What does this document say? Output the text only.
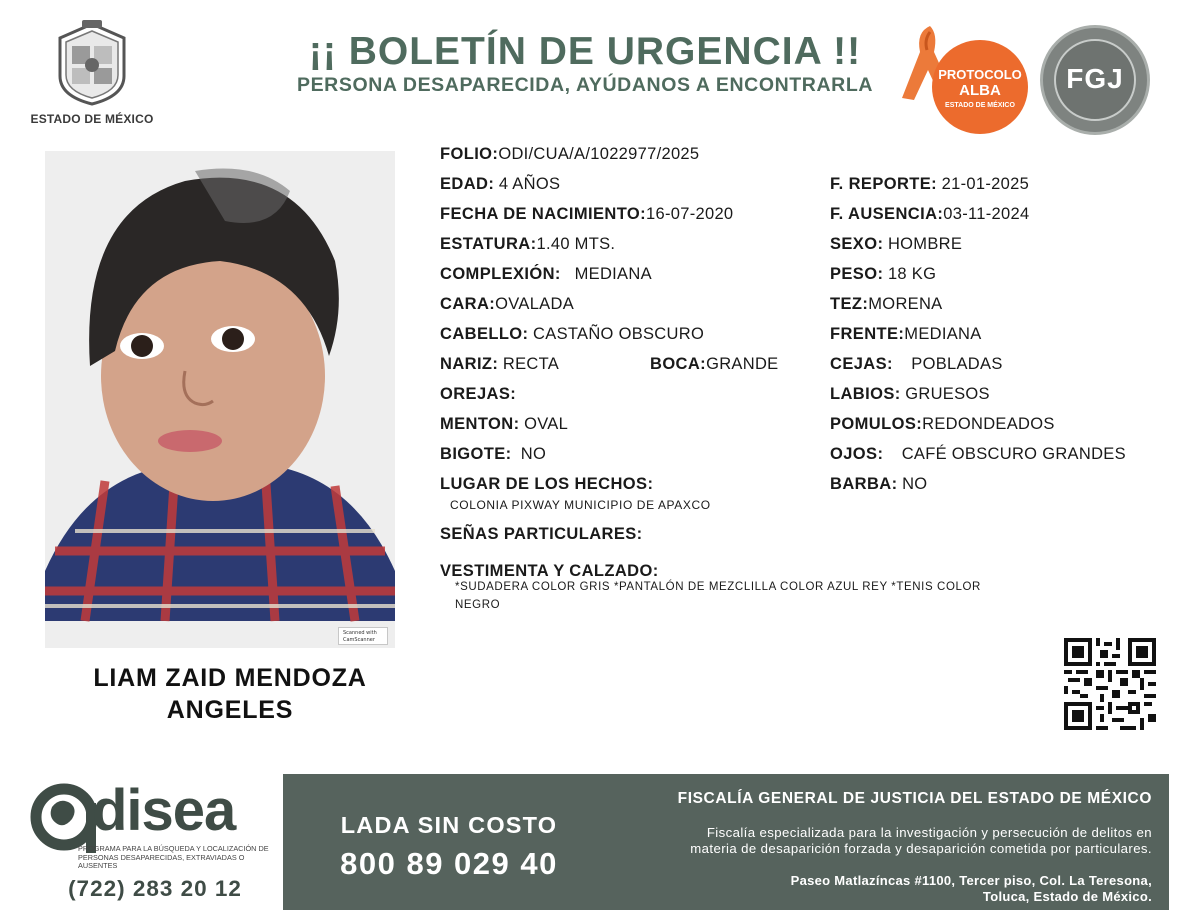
ESTADO DE MÉXICO
¡¡ BOLETÍN DE URGENCIA !!
PERSONA DESAPARECIDA, AYÚDANOS A ENCONTRARLA	PROTOCOLO
ALBA
ESTADO DE MÉXICO
FGJ
Scanned with CamScanner
LIAM ZAID MENDOZA
ANGELES
FOLIO:ODI/CUA/A/1022977/2025
EDAD: 4 AÑOS
FECHA DE NACIMIENTO:16-07-2020
ESTATURA:1.40 MTS.
COMPLEXIÓN: MEDIANA
CARA:OVALADA
CABELLO: CASTAÑO OBSCURO
NARIZ: RECTA	BOCA:GRANDE
OREJAS:
MENTON: OVAL
BIGOTE: NO
LUGAR DE LOS HECHOS:
COLONIA PIXWAY MUNICIPIO DE APAXCO
SEÑAS PARTICULARES:
VESTIMENTA Y CALZADO:
*SUDADERA COLOR GRIS *PANTALÓN DE MEZCLILLA COLOR AZUL REY *TENIS COLOR
NEGRO
F. REPORTE: 21-01-2025
F. AUSENCIA:03-11-2024
SEXO: HOMBRE
PESO: 18 KG
TEZ:MORENA
FRENTE:MEDIANA
CEJAS: POBLADAS
LABIOS: GRUESOS
POMULOS:REDONDEADOS
OJOS: CAFÉ OBSCURO GRANDES
BARBA: NO
disea
PROGRAMA PARA LA BÚSQUEDA Y LOCALIZACIÓN DE PERSONAS DESAPARECIDAS, EXTRAVIADAS O AUSENTES
(722) 283 20 12
LADA SIN COSTO
800 89 029 40
FISCALÍA GENERAL DE JUSTICIA DEL ESTADO DE MÉXICO
Fiscalía especializada para la investigación y persecución de delitos en
materia de desaparición forzada y desaparición cometida por particulares.
Paseo Matlazíncas #1100, Tercer piso, Col. La Teresona,
Toluca, Estado de México.
